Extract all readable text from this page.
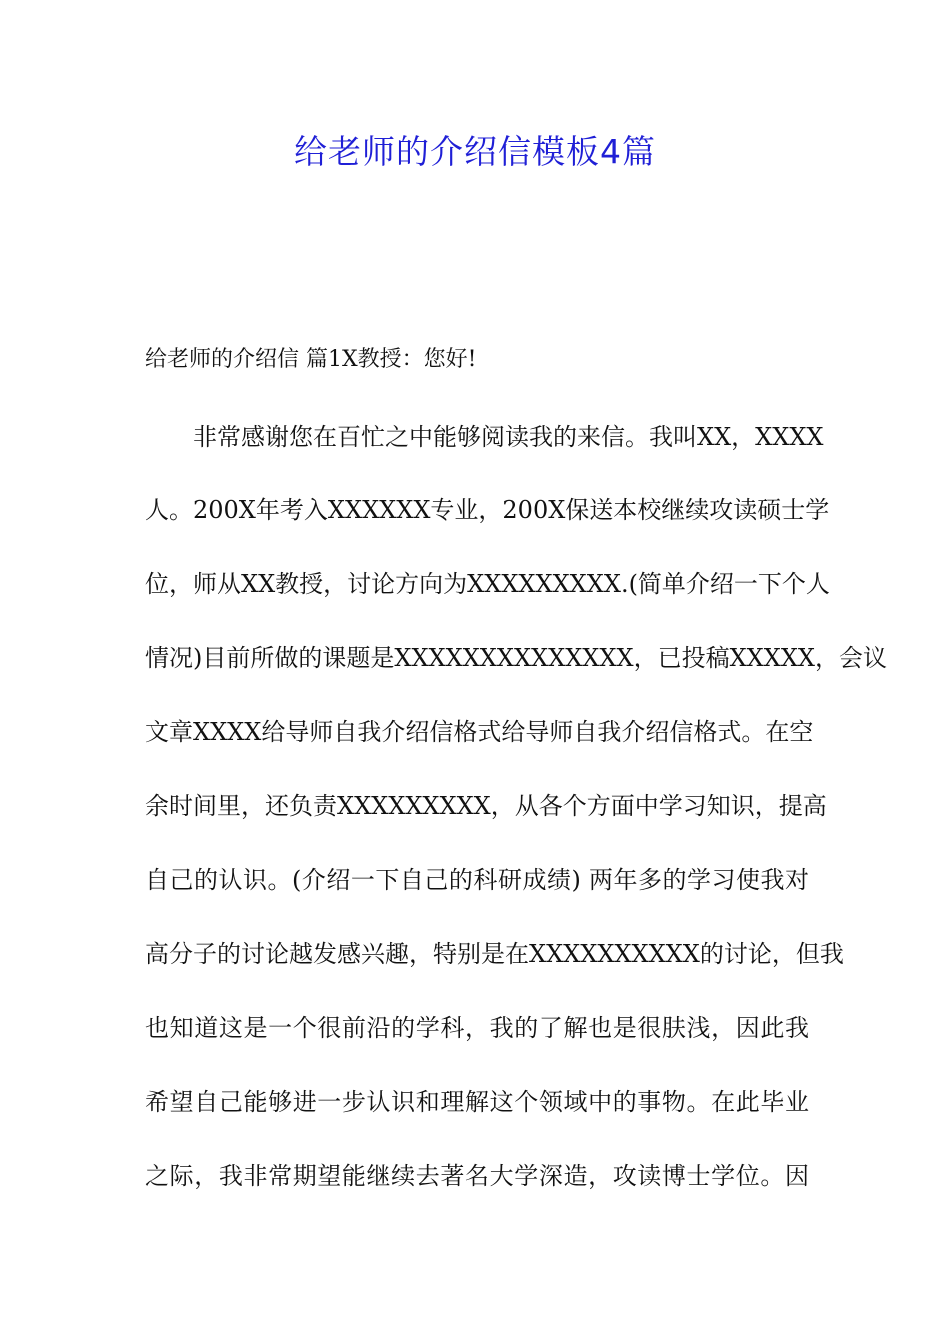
给老师的介绍信模板4篇

给老师的介绍信 篇1X教授：您好!

非常感谢您在百忙之中能够阅读我的来信。我叫XX，XXXX
人。200X年考入XXXXXX专业，200X保送本校继续攻读硕士学
位，师从XX教授，讨论方向为XXXXXXXXX.(简单介绍一下个人
情况)目前所做的课题是XXXXXXXXXXXXXX，已投稿XXXXX，会议
文章XXXX给导师自我介绍信格式给导师自我介绍信格式。在空
余时间里，还负责XXXXXXXXX，从各个方面中学习知识，提高
自己的认识。(介绍一下自己的科研成绩) 两年多的学习使我对
高分子的讨论越发感兴趣，特别是在XXXXXXXXXX的讨论，但我
也知道这是一个很前沿的学科，我的了解也是很肤浅，因此我
希望自己能够进一步认识和理解这个领域中的事物。在此毕业
之际，我非常期望能继续去著名大学深造，攻读博士学位。因
